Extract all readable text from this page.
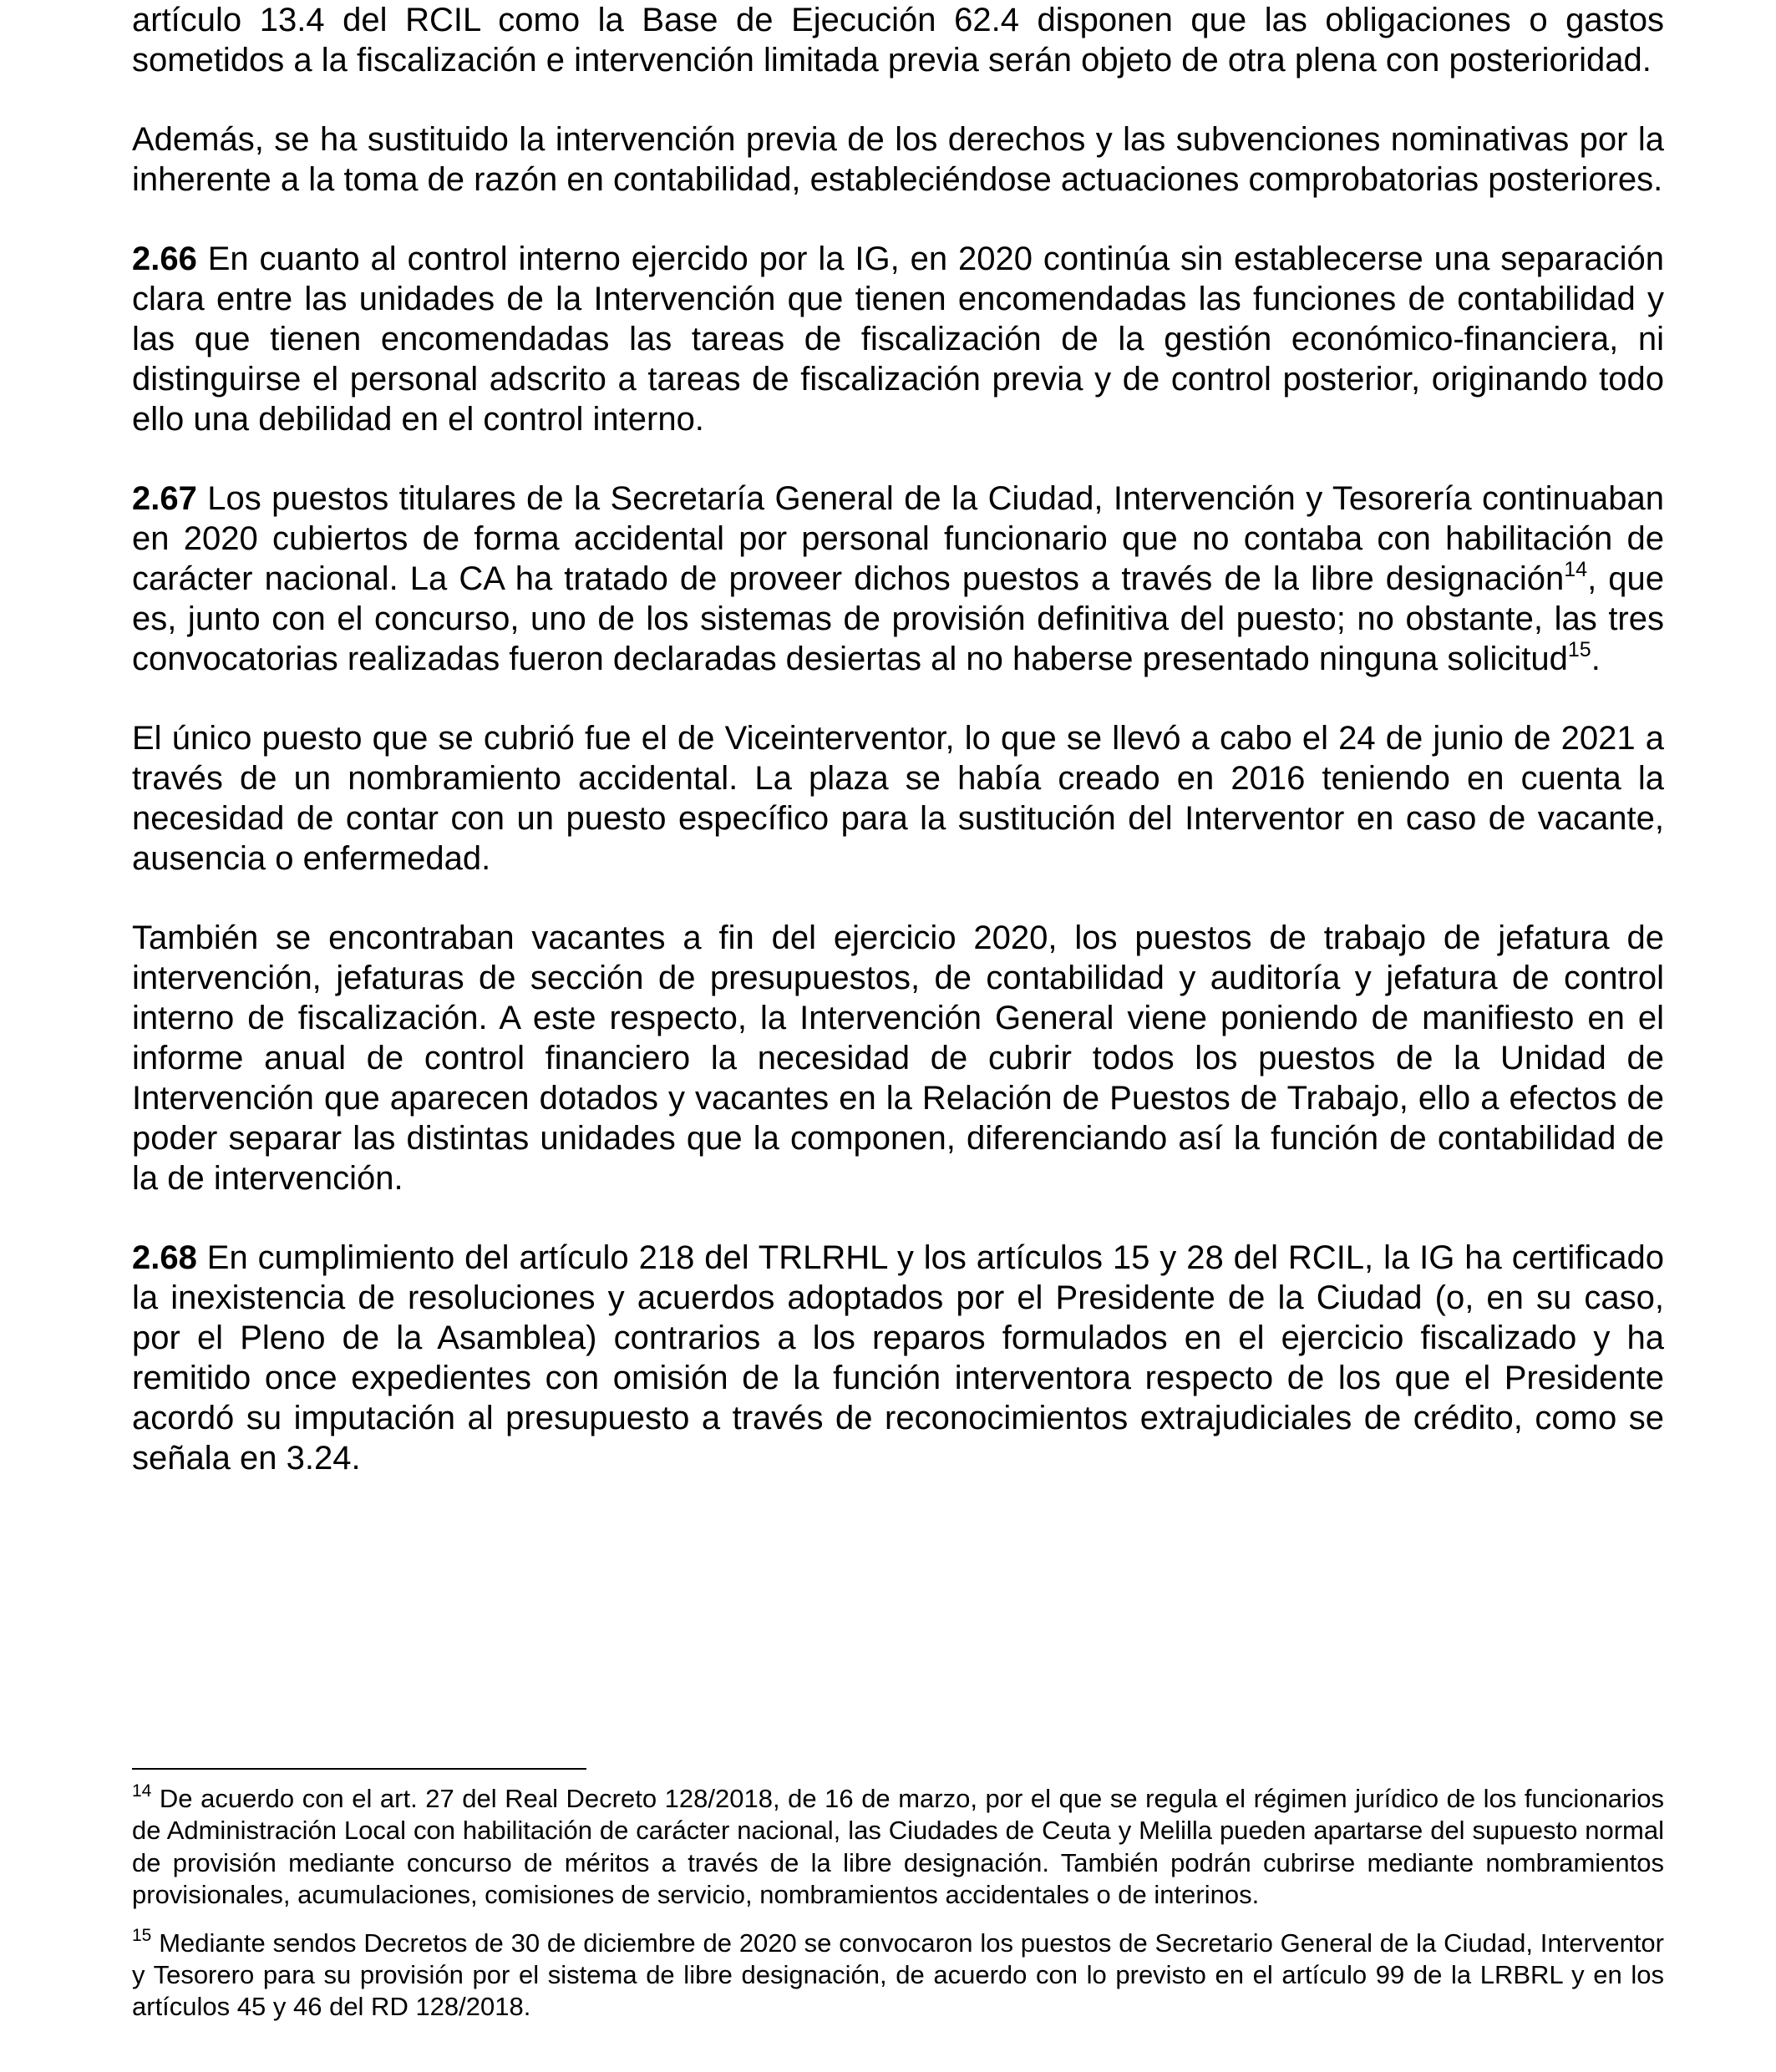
artículo 13.4 del RCIL como la Base de Ejecución 62.4 disponen que las obligaciones o gastos sometidos a la fiscalización e intervención limitada previa serán objeto de otra plena con posterioridad.

Además, se ha sustituido la intervención previa de los derechos y las subvenciones nominativas por la inherente a la toma de razón en contabilidad, estableciéndose actuaciones comprobatorias posteriores.

2.66 En cuanto al control interno ejercido por la IG, en 2020 continúa sin establecerse una separación clara entre las unidades de la Intervención que tienen encomendadas las funciones de contabilidad y las que tienen encomendadas las tareas de fiscalización de la gestión económico-financiera, ni distinguirse el personal adscrito a tareas de fiscalización previa y de control posterior, originando todo ello una debilidad en el control interno.

2.67 Los puestos titulares de la Secretaría General de la Ciudad, Intervención y Tesorería continuaban en 2020 cubiertos de forma accidental por personal funcionario que no contaba con habilitación de carácter nacional. La CA ha tratado de proveer dichos puestos a través de la libre designación$^{14}$, que es, junto con el concurso, uno de los sistemas de provisión definitiva del puesto; no obstante, las tres convocatorias realizadas fueron declaradas desiertas al no haberse presentado ninguna solicitud$^{15}$.

El único puesto que se cubrió fue el de Viceinterventor, lo que se llevó a cabo el 24 de junio de 2021 a través de un nombramiento accidental. La plaza se había creado en 2016 teniendo en cuenta la necesidad de contar con un puesto específico para la sustitución del Interventor en caso de vacante, ausencia o enfermedad.

También se encontraban vacantes a fin del ejercicio 2020, los puestos de trabajo de jefatura de intervención, jefaturas de sección de presupuestos, de contabilidad y auditoría y jefatura de control interno de fiscalización. A este respecto, la Intervención General viene poniendo de manifiesto en el informe anual de control financiero la necesidad de cubrir todos los puestos de la Unidad de Intervención que aparecen dotados y vacantes en la Relación de Puestos de Trabajo, ello a efectos de poder separar las distintas unidades que la componen, diferenciando así la función de contabilidad de la de intervención.

2.68 En cumplimiento del artículo 218 del TRLRHL y los artículos 15 y 28 del RCIL, la IG ha certificado la inexistencia de resoluciones y acuerdos adoptados por el Presidente de la Ciudad (o, en su caso, por el Pleno de la Asamblea) contrarios a los reparos formulados en el ejercicio fiscalizado y ha remitido once expedientes con omisión de la función interventora respecto de los que el Presidente acordó su imputación al presupuesto a través de reconocimientos extrajudiciales de crédito, como se señala en 3.24.

$^{14}$ De acuerdo con el art. 27 del Real Decreto 128/2018, de 16 de marzo, por el que se regula el régimen jurídico de los funcionarios de Administración Local con habilitación de carácter nacional, las Ciudades de Ceuta y Melilla pueden apartarse del supuesto normal de provisión mediante concurso de méritos a través de la libre designación. También podrán cubrirse mediante nombramientos provisionales, acumulaciones, comisiones de servicio, nombramientos accidentales o de interinos.

$^{15}$ Mediante sendos Decretos de 30 de diciembre de 2020 se convocaron los puestos de Secretario General de la Ciudad, Interventor y Tesorero para su provisión por el sistema de libre designación, de acuerdo con lo previsto en el artículo 99 de la LRBRL y en los artículos 45 y 46 del RD 128/2018.
